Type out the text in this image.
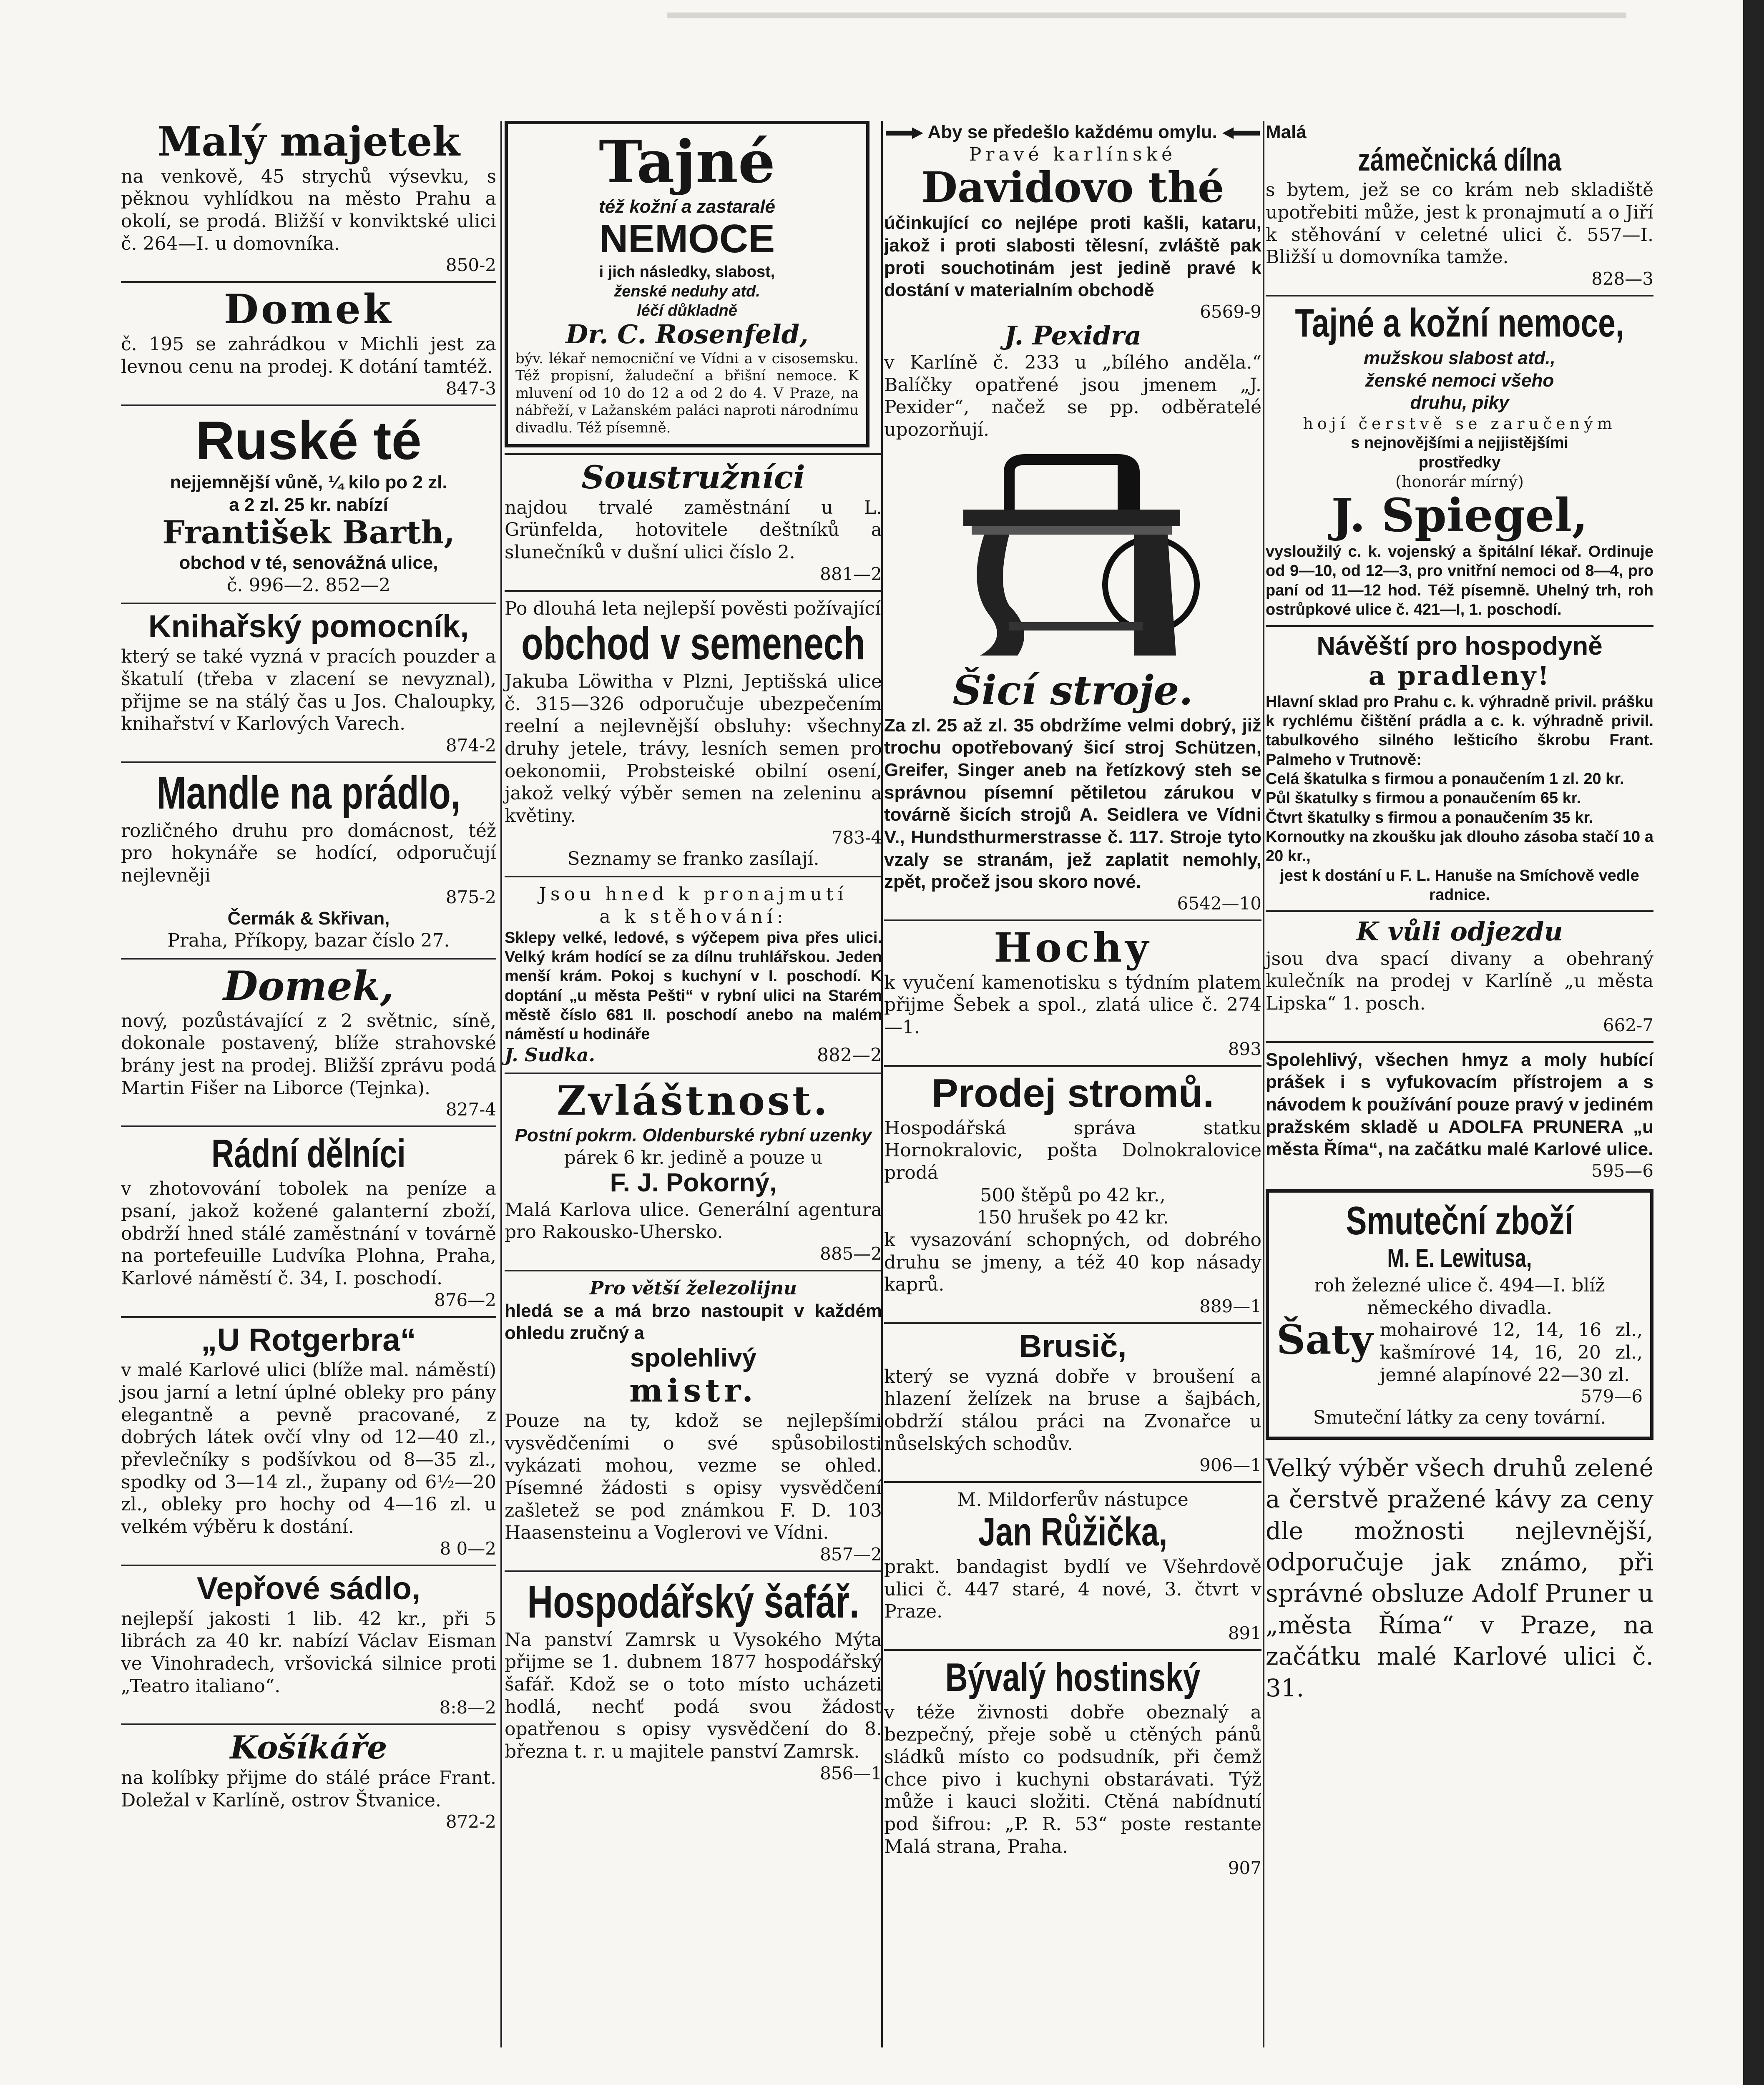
Malý majetek

na venkově, 45 strychů výsevku, s pěknou vyhlídkou na město Prahu a okolí, se prodá. Bližší v konviktské ulici č. 264—I. u domovníka.

850-2

Domek

č. 195 se zahrádkou v Michli jest za levnou cenu na prodej. K dotání tamtéž.

847-3

Ruské té

nejjemnější vůně, ¼ kilo po 2 zl.

a 2 zl. 25 kr. nabízí

František Barth,

obchod v té, senovážná ulice,

č. 996—2. 852—2

Knihařský pomocník,

který se také vyzná v pracích pouzder a škatulí (třeba v zlacení se nevyznal), přijme se na stálý čas u Jos. Chaloupky, knihařství v Karlových Varech.

874-2

Mandle na prádlo,

rozličného druhu pro domácnost, též pro hokynáře se hodící, odporučují nejlevněji

875-2

Čermák & Skřivan,

Praha, Příkopy, bazar číslo 27.

Domek,

nový, pozůstávající z 2 světnic, síně, dokonale postavený, blíže strahovské brány jest na prodej. Bližší zprávu podá Martin Fišer na Liborce (Tejnka).

827-4

Rádní dělníci

v zhotovování tobolek na peníze a psaní, jakož kožené galanterní zboží, obdrží hned stálé zaměstnání v továrně na portefeuille Ludvíka Plohna, Praha, Karlové náměstí č. 34, I. poschodí.

876—2

„U Rotgerbra“

v malé Karlové ulici (blíže mal. náměstí) jsou jarní a letní úplné obleky pro pány elegantně a pevně pracované, z dobrých látek ovčí vlny od 12—40 zl., převlečníky s podšívkou od 8—35 zl., spodky od 3—14 zl., župany od 6½—20 zl., obleky pro hochy od 4—16 zl. u velkém výběru k dostání.

8 0—2

Vepřové sádlo,

nejlepší jakosti 1 lib. 42 kr., při 5 librách za 40 kr. nabízí Václav Eisman ve Vinohradech, vršovická silnice proti „Teatro italiano“.

8:8—2

Košíkáře

na kolíbky přijme do stálé práce Frant. Doležal v Karlíně, ostrov Štvanice.

872-2

Tajné

též kožní a zastaralé

NEMOCE

i jich následky, slabost,

ženské neduhy atd.

léčí důkladně

Dr. C. Rosenfeld,

býv. lékař nemocniční ve Vídni a v cisosemsku. Též propisní, žaludeční a břišní nemoce. K mluvení od 10 do 12 a od 2 do 4. V Praze, na nábřeží, v Lažanském paláci naproti národnímu divadlu. Též písemně.

Soustružníci

najdou trvalé zaměstnání u L. Grünfelda, hotovitele deštníků a slunečníků v dušní ulici číslo 2.

881—2

Po dlouhá leta nejlepší pověsti požívající

obchod v semenech

Jakuba Löwitha v Plzni, Jeptišská ulice č. 315—326 odporučuje ubezpečením reelní a nejlevnější obsluhy: všechny druhy jetele, trávy, lesních semen pro oekonomii, Probsteiské obilní osení, jakož velký výběr semen na zeleninu a květiny.

783-4

Seznamy se franko zasílají.

Jsou hned k pronajmutí

a k stěhování:

Sklepy velké, ledové, s výčepem piva přes ulici. Velký krám hodící se za dílnu truhlářskou. Jeden menší krám. Pokoj s kuchyní v I. poschodí. K doptání „u města Pešti“ v rybní ulici na Starém městě číslo 681 II. poschodí anebo na malém náměstí u hodináře

J. Sudka.	882—2

Zvláštnost.

Postní pokrm. Oldenburské rybní uzenky

párek 6 kr. jedině a pouze u

F. J. Pokorný,

Malá Karlova ulice. Generální agentura pro Rakousko-Uhersko.

885—2

Pro větší železolijnu

hledá se a má brzo nastoupit v každém ohledu zručný a

spolehlivý
mistr.

Pouze na ty, kdož se nejlepšími vysvědčeními o své spůsobilosti vykázati mohou, vezme se ohled. Písemné žádosti s opisy vysvědčení zašletež se pod známkou F. D. 103 Haasensteinu a Voglerovi ve Vídni.

857—2

Hospodářský šafář.

Na panství Zamrsk u Vysokého Mýta přijme se 1. dubnem 1877 hospodářský šafář. Kdož se o toto místo ucházeti hodlá, nechť podá svou žádost opatřenou s opisy vysvědčení do 8. března t. r. u majitele panství Zamrsk.

856—1

Aby se předešlo každému omylu.

Pravé karlínské

Davidovo thé

účinkující co nejlépe proti kašli, kataru, jakož i proti slabosti tělesní, zvláště pak proti souchotinám jest jedině pravé k dostání v materialním obchodě

6569-9

J. Pexidra

v Karlíně č. 233 u „bílého anděla.“ Balíčky opatřené jsou jmenem „J. Pexider“, načež se pp. odběratelé upozorňují.

Šicí stroje.

Za zl. 25 až zl. 35 obdržíme velmi dobrý, již trochu opotřebovaný šicí stroj Schützen, Greifer, Singer aneb na řetízkový steh se správnou písemní pětiletou zárukou v továrně šicích strojů A. Seidlera ve Vídni V., Hundsthurmerstrasse č. 117. Stroje tyto vzaly se stranám, jež zaplatit nemohly, zpět, pročež jsou skoro nové.

6542—10

Hochy

k vyučení kamenotisku s týdním platem přijme Šebek a spol., zlatá ulice č. 274—1.

893

Prodej stromů.

Hospodářská správa statku Hornokralovic, pošta Dolnokralovice prodá

500 štěpů po 42 kr.,

150 hrušek po 42 kr.

k vysazování schopných, od dobrého druhu se jmeny, a též 40 kop násady kaprů.

889—1

Brusič,

který se vyzná dobře v broušení a hlazení želízek na bruse a šajbách, obdrží stálou práci na Zvonařce u nůselských schodův.

906—1

M. Mildorferův nástupce

Jan Růžička,

prakt. bandagist bydlí ve Všehrdově ulici č. 447 staré, 4 nové, 3. čtvrt v Praze.

891

Bývalý hostinský

v téže živnosti dobře obeznalý a bezpečný, přeje sobě u ctěných pánů sládků místo co podsudník, při čemž chce pivo i kuchyni obstarávati. Týž může i kauci složiti. Ctěná nabídnutí pod šifrou: „P. R. 53“ poste restante Malá strana, Praha.

907

Malá

zámečnická dílna

s bytem, jež se co krám neb skladiště upotřebiti může, jest k pronajmutí a o Jiří k stěhování v celetné ulici č. 557—I. Bližší u domovníka tamže.

828—3

Tajné a kožní nemoce,

mužskou slabost atd.,

ženské nemoci všeho

druhu, piky

hojí čerstvě se zaručeným

s nejnovějšími a nejjistějšími

prostředky

(honorár mírný)

J. Spiegel,

vysloužilý c. k. vojenský a špitální lékař. Ordinuje od 9—10, od 12—3, pro vnitřní nemoci od 8—4, pro paní od 11—12 hod. Též písemně. Uhelný trh, roh ostrůpkové ulice č. 421—I, 1. poschodí.

Návěští pro hospodyně
a pradleny!

Hlavní sklad pro Prahu c. k. výhradně privil. prášku k rychlému čištění prádla a c. k. výhradně privil. tabulkového silného lešticího škrobu Frant. Palmeho v Trutnově:

Celá škatulka s firmou a ponaučením 1 zl. 20 kr.

Půl škatulky s firmou a ponaučením 65 kr.

Čtvrt škatulky s firmou a ponaučením 35 kr.

Kornoutky na zkoušku jak dlouho zásoba stačí 10 a 20 kr.,

jest k dostání u F. L. Hanuše na Smíchově vedle radnice.

K vůli odjezdu

jsou dva spací divany a obehraný kulečník na prodej v Karlíně „u města Lipska“ 1. posch.

662-7

Spolehlivý, všechen hmyz a moly hubící prášek i s vyfukovacím přístrojem a s návodem k používání pouze pravý v jediném pražském skladě u ADOLFA PRUNERA „u města Říma“, na začátku malé Karlové ulice.

595—6

Smuteční zboží
M. E. Lewitusa,

roh železné ulice č. 494—I. blíž německého divadla.

Šaty mohairové 12, 14, 16 zl., kašmírové 14, 16, 20 zl., jemné alapínové 22—30 zl.

579—6

Smuteční látky za ceny tovární.

Velký výběr všech druhů zelené a čerstvě pražené kávy za ceny dle možnosti nejlevnější, odporučuje jak známo, při správné obsluze Adolf Pruner u „města Říma“ v Praze, na začátku malé Karlové ulici č. 31.
